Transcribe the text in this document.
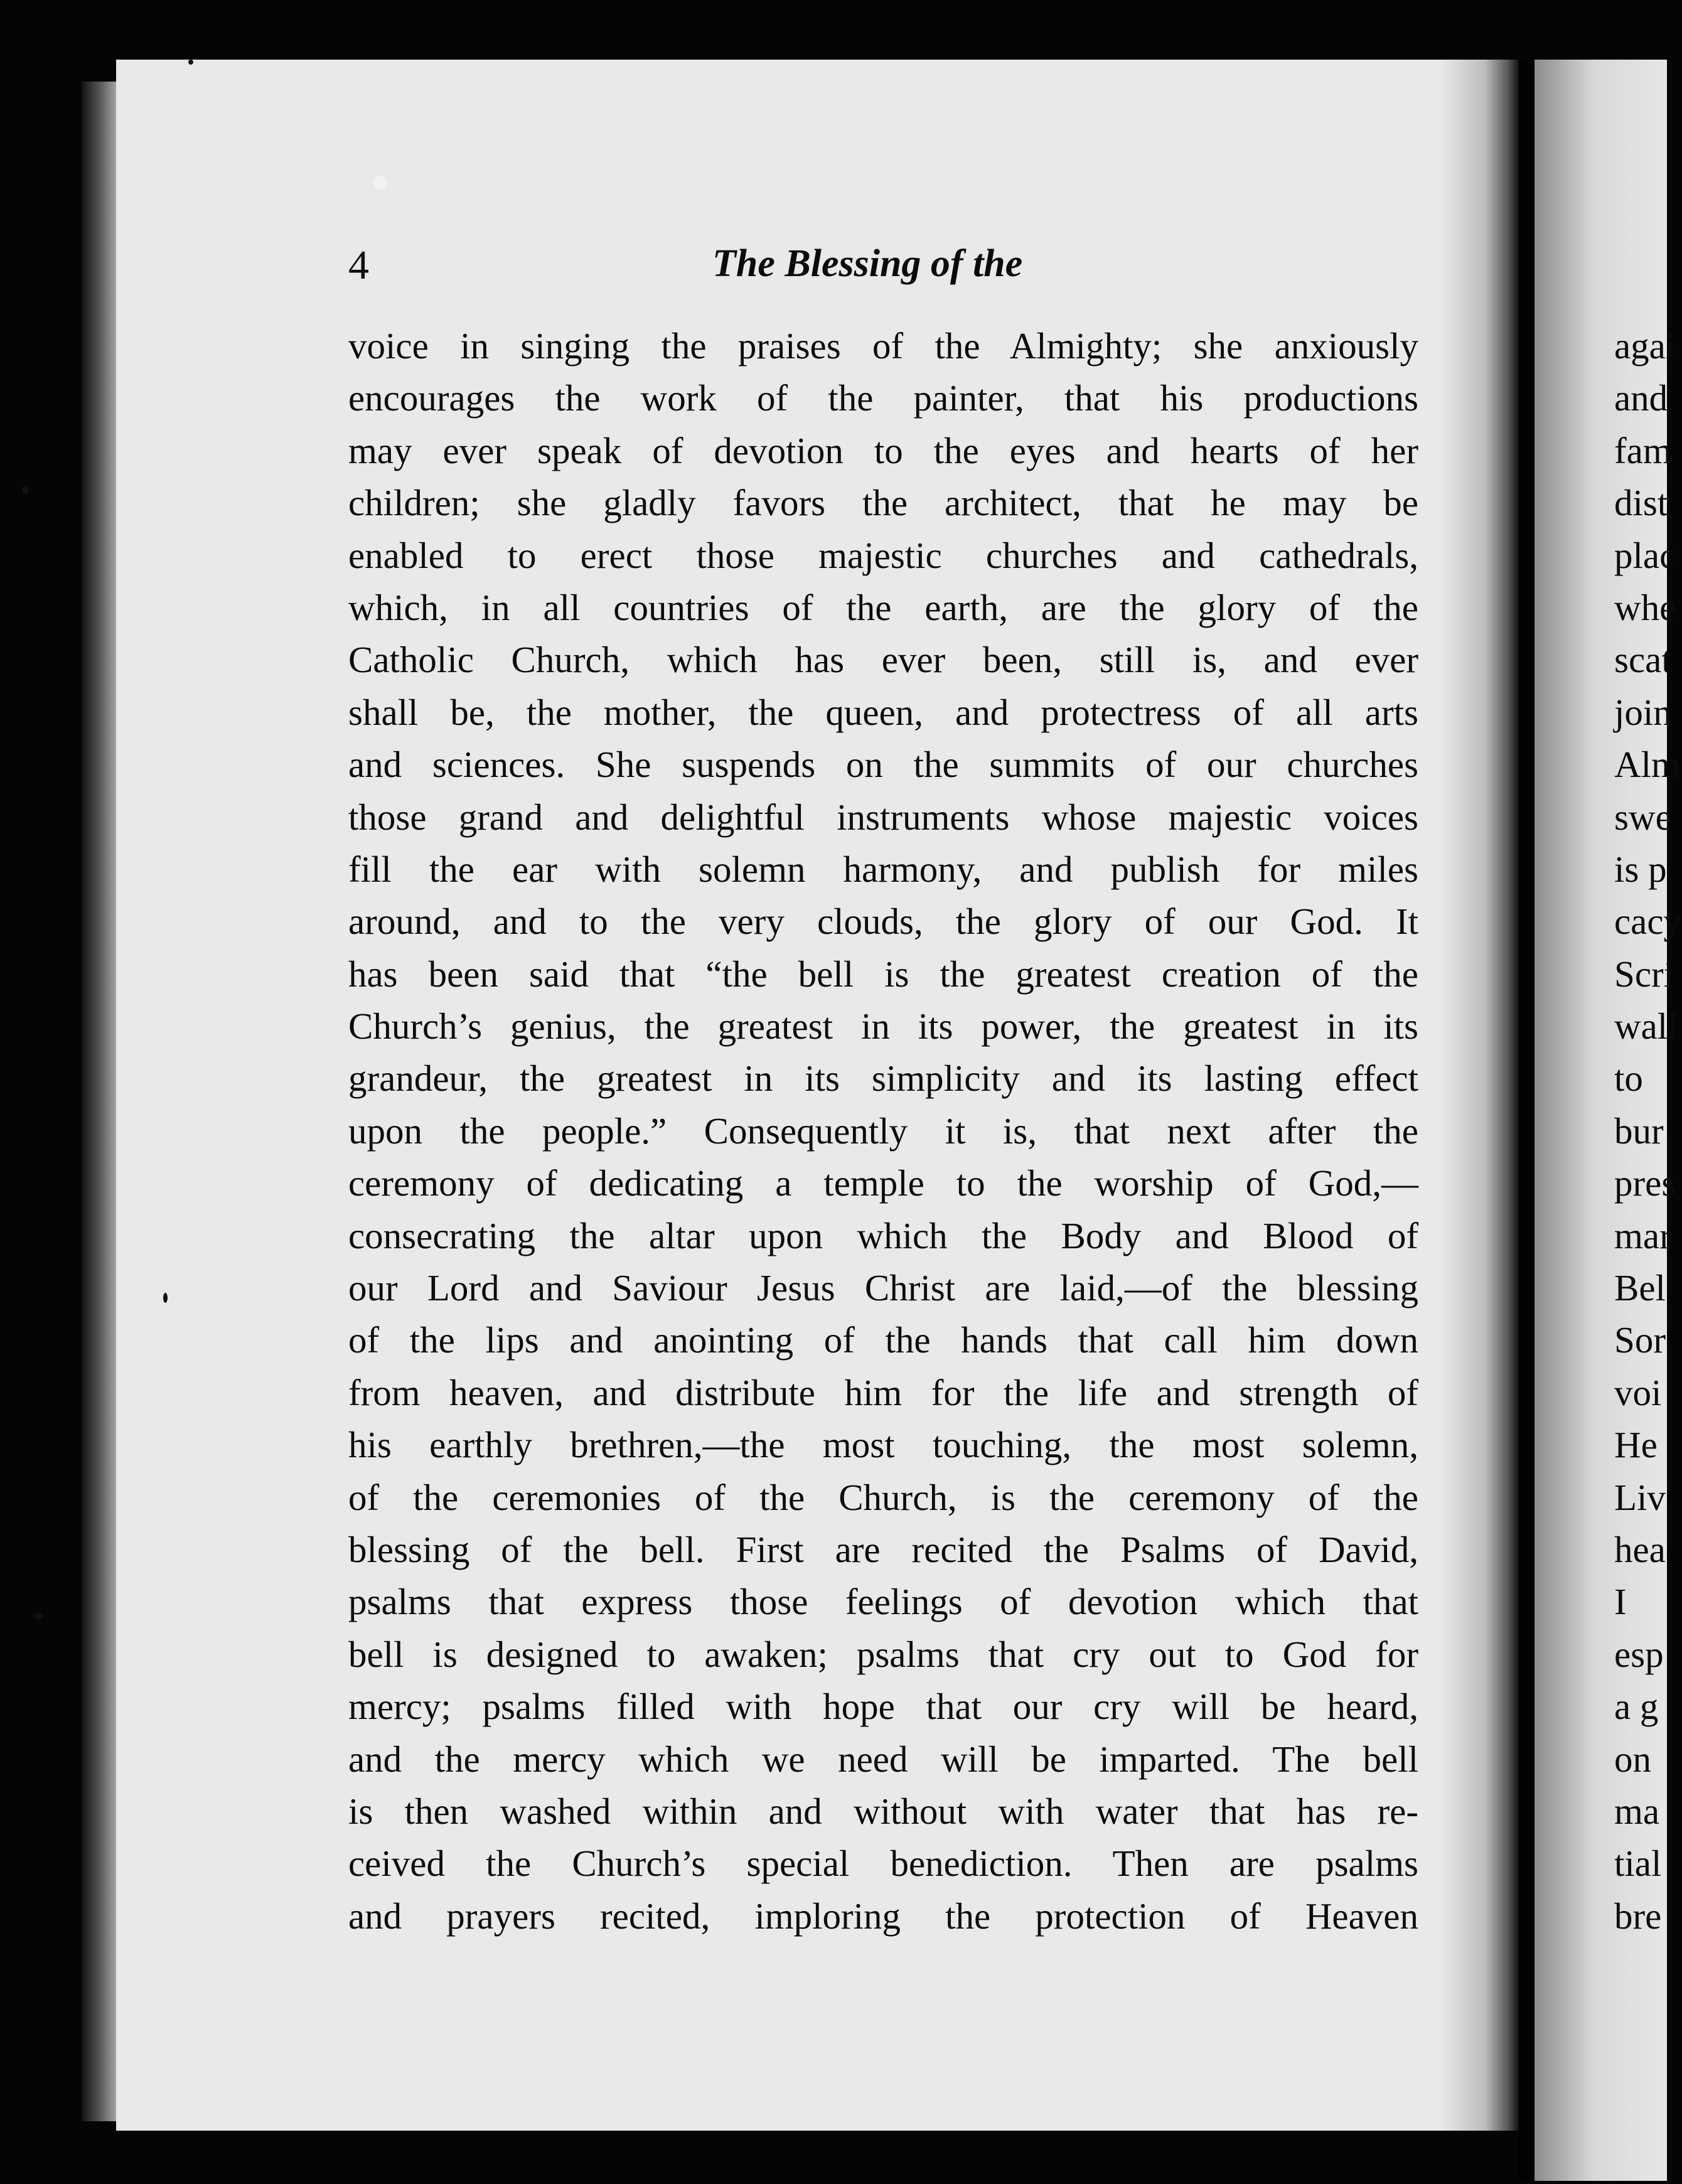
4	The Blessing of the
voice in singing the praises of the Almighty; she anxiously
encourages the work of the painter, that his productions
may ever speak of devotion to the eyes and hearts of her
children; she gladly favors the architect, that he may be
enabled to erect those majestic churches and cathedrals,
which, in all countries of the earth, are the glory of the
Catholic Church, which has ever been, still is, and ever
shall be, the mother, the queen, and protectress of all arts
and sciences. She suspends on the summits of our churches
those grand and delightful instruments whose majestic voices
fill the ear with solemn harmony, and publish for miles
around, and to the very clouds, the glory of our God. It
has been said that “the bell is the greatest creation of the
Church’s genius, the greatest in its power, the greatest in its
grandeur, the greatest in its simplicity and its lasting effect
upon the people.” Consequently it is, that next after the
ceremony of dedicating a temple to the worship of God,—
consecrating the altar upon which the Body and Blood of
our Lord and Saviour Jesus Christ are laid,—of the blessing
of the lips and anointing of the hands that call him down
from heaven, and distribute him for the life and strength of
his earthly brethren,—the most touching, the most solemn,
of the ceremonies of the Church, is the ceremony of the
blessing of the bell. First are recited the Psalms of David,
psalms that express those feelings of devotion which that
bell is designed to awaken; psalms that cry out to God for
mercy; psalms filled with hope that our cry will be heard,
and the mercy which we need will be imparted. The bell
is then washed within and without with water that has re-
ceived the Church’s special benediction. Then are psalms
and prayers recited, imploring the protection of Heaven
agai
and
fam
dist
plac
whe
scat
join
Alm
swe
is p
cacy
Scri
wall
to
bur
pres
mar
Bel
Sor
voi
He
Liv
hea
I
esp
a g
on
ma
tial
bre
